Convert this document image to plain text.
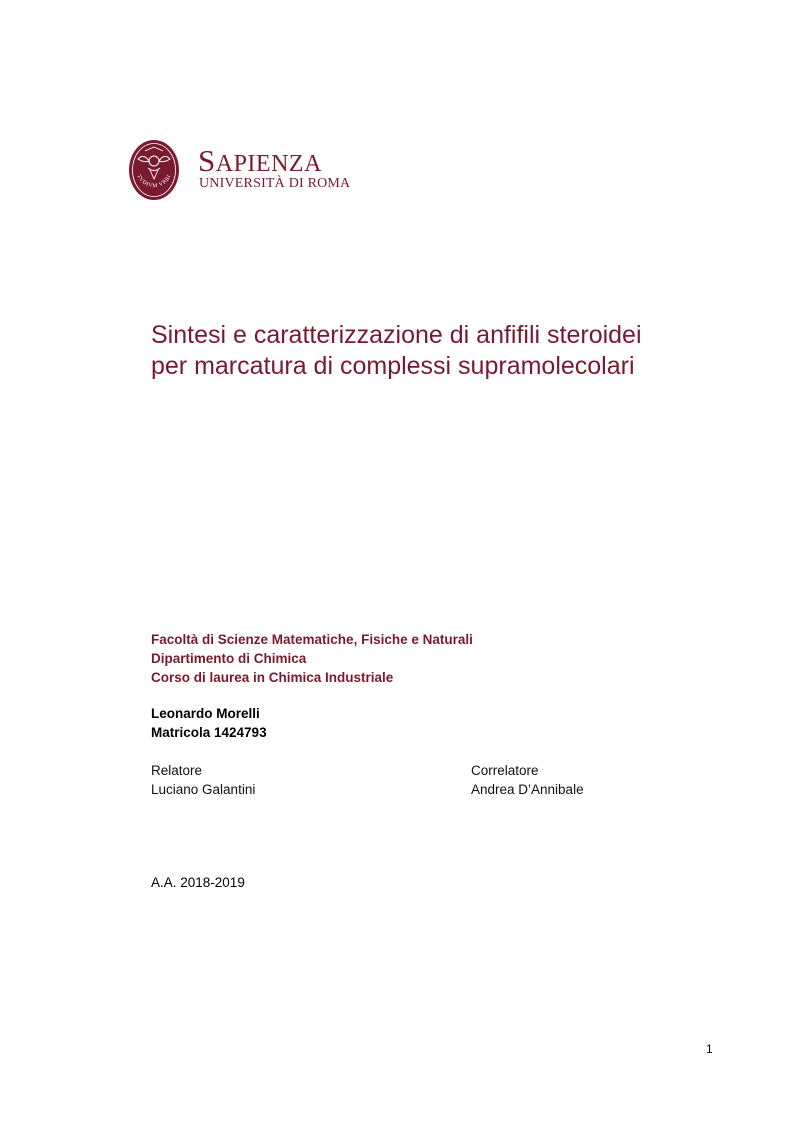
TVDIVM VRBI SAPIENZA
UNIVERSITÀ DI ROMA
Sintesi e caratterizzazione di anfifili steroidei
per marcatura di complessi supramolecolari
Facoltà di Scienze Matematiche, Fisiche e Naturali
Dipartimento di Chimica
Corso di laurea in Chimica Industriale
Leonardo Morelli
Matricola 1424793
Relatore
Luciano Galantini
Correlatore
Andrea D’Annibale
A.A. 2018-2019
1
